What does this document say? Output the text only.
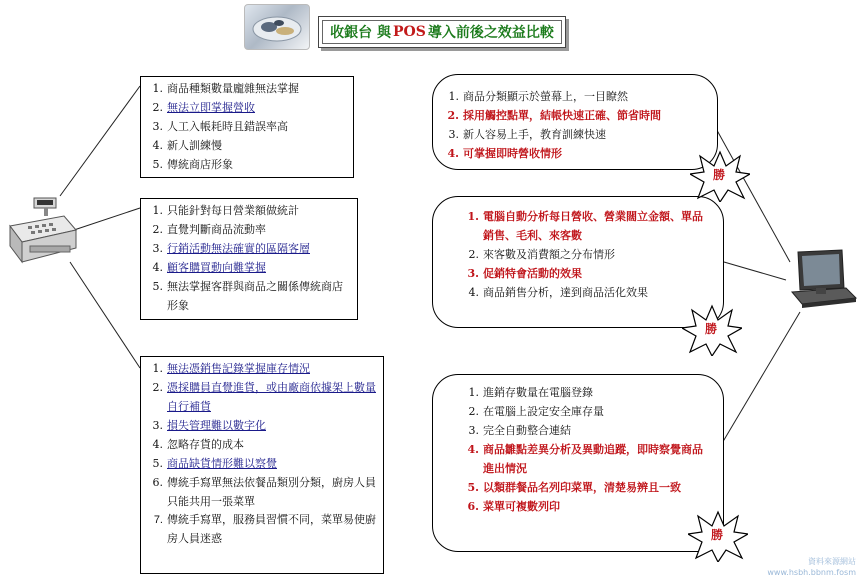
收銀台 與 POS 導入前後之效益比較
1. 商品種類數量龐雜無法掌握
2. 無法立即掌握營收
3. 人工入帳耗時且錯誤率高
4. 新人訓練慢
5. 傳統商店形象
1. 只能針對每日營業額做統計
2. 直覺判斷商品流動率
3. 行銷活動無法確實的區隔客層
4. 顧客購買動向難掌握
5. 無法掌握客群與商品之關係傳統商店形象
1. 無法憑銷售記錄掌握庫存情況
2. 憑採購員直覺進貨，或由廠商依據架上數量自行補貨
3. 損失管理難以數字化
4. 忽略存貨的成本
5. 商品缺貨情形難以察覺
6. 傳統手寫單無法依餐品類別分類，廚房人員只能共用一張菜單
7. 傳統手寫單，服務員習慣不同，菜單易使廚房人員迷惑
1. 商品分類顯示於螢幕上，一目瞭然
2. 採用觸控點單，結帳快速正確、節省時間
3. 新人容易上手，教育訓練快速
4. 可掌握即時營收情形
1. 電腦自動分析每日營收、營業闊立金額、單品銷售、毛利、來客數
2. 來客數及消費額之分布情形
3. 促銷特會活動的效果
4. 商品銷售分析，達到商品活化效果
1. 進銷存數量在電腦登錄
2. 在電腦上設定安全庫存量
3. 完全自動整合連結
4. 商品雛點差異分析及異動追蹤，即時察覺商品進出情況
5. 以類群餐品名列印菜單，清楚易辨且一致
6. 菜單可複數列印
勝
勝
勝
資料來源網站
www.hsbh.bbnm.fosm
